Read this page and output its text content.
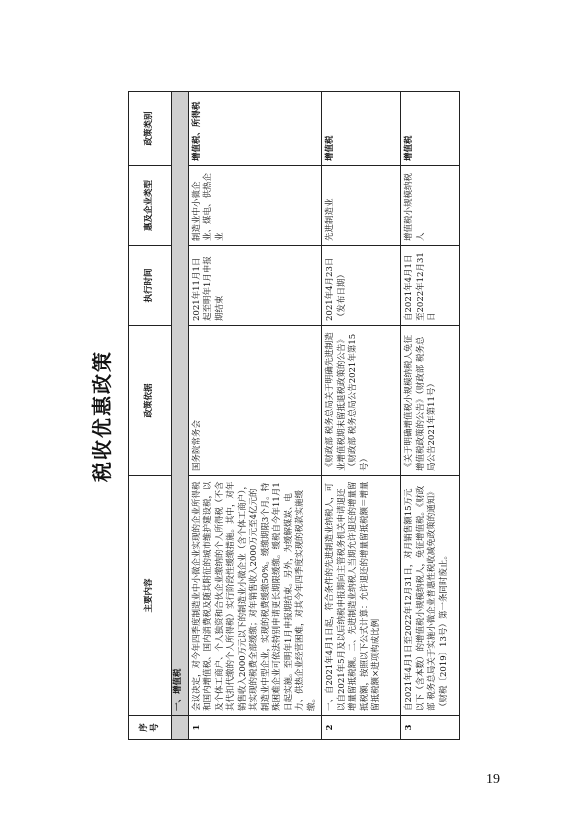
税收优惠政策
序号	主要内容	政策依据	执行时间	惠及企业类型	政策类别
	一、增值税				
1	会议决定，对今年四季度制造业中小微企业实现的企业所得税和国内增值税、国内消费税及随其附征的城市维护建设税，以及个体工商户、个人独资和合伙企业缴纳的个人所得税（不含其代扣代缴的个人所得税）实行阶段性缓缴措施。其中，对年销售收入2000万元以下的制造业小微企业（含个体工商户），其实现的税费全部缓缴；对年销售收入2000万元至4亿元的制造业中型企业，实现的税费缓缴50%。缓缴期限3个月。特殊困难企业可依法特别申请更长期限缓缴。缓税自今年11月1日起实施。至明年1月申报期结束。另外，为缓解煤炭、电力、供热企业经营困难，对其今年四季度实现的税款实施缓缴。	国务院常务会	2021年11月1日起至明年1月申报期结束	制造业中小微企业、煤电、供热企业	增值税、所得税
2	一、自2021年4月1日起，符合条件的先进制造业纳税人，可以自2021年5月及以后纳税申报期向主管税务机关申请退还增量留抵税额。二、先进制造业纳税人当期允许退还的增量留抵税额，按照以下公式计算：允许退还的增量留抵税额＝增量留抵税额×进项构成比例	《财政部 税务总局关于明确先进制造业增值税期末留抵退税政策的公告》（财政部 税务总局公告2021年第15号）	2021年4月23日（发布日期）	先进制造业	增值税
3	自2021年4月1日至2022年12月31日，对月销售额15万元以下（含本数）的增值税小规模纳税人，免征增值税。《财政部 税务总局关于实施小微企业普惠性税收减免政策的通知》（财税〔2019〕13号）第一条同时废止。	《关于明确增值税小规模纳税人免征增值税政策的公告》（财政部 税务总局公告2021年第11号）	自2021年4月1日至2022年12月31日	增值税小规模纳税人	增值税
19
